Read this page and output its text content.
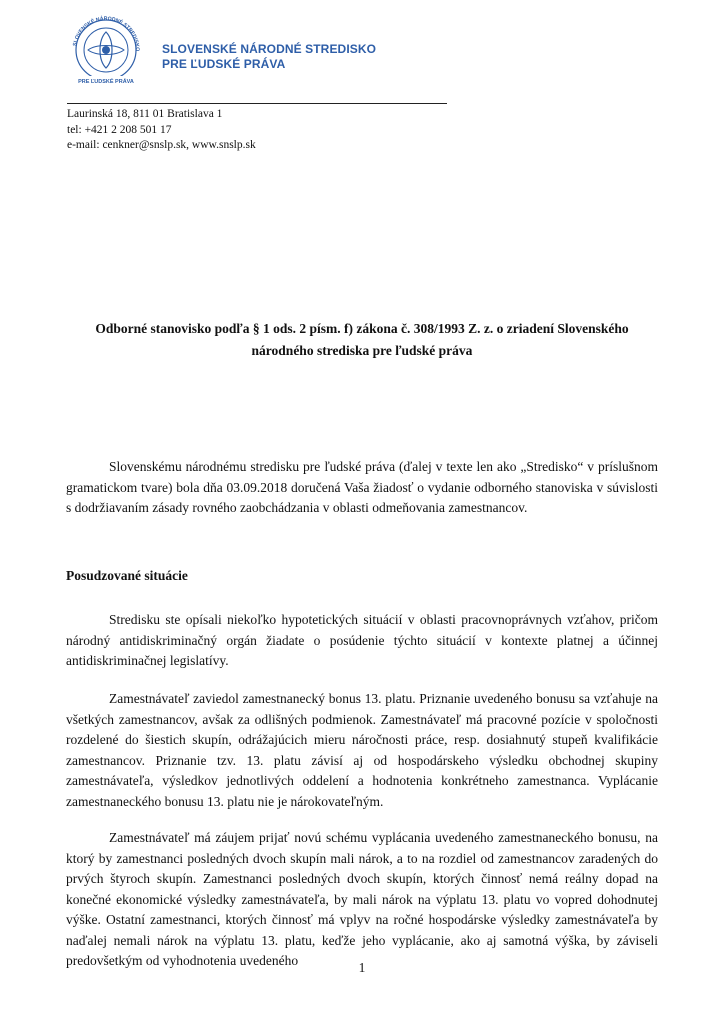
SLOVENSKÉ NÁRODNÉ STREDISKO
PRE ĽUDSKÉ PRÁVA
SLOVENSKÉ NÁRODNÉ STREDISKO
PRE ĽUDSKÉ PRÁVA
Laurinská 18, 811 01 Bratislava 1
tel: +421 2 208 501 17
e-mail: cenkner@snslp.sk, www.snslp.sk
Odborné stanovisko podľa § 1 ods. 2 písm. f) zákona č. 308/1993 Z. z. o zriadení Slovenského národného strediska pre ľudské práva

Slovenskému národnému stredisku pre ľudské práva (ďalej v texte len ako „Stredisko“ v príslušnom gramatickom tvare) bola dňa 03.09.2018 doručená Vaša žiadosť o vydanie odborného stanoviska v súvislosti s dodržiavaním zásady rovného zaobchádzania v oblasti odmeňovania zamestnancov.

Posudzované situácie

Stredisku ste opísali niekoľko hypotetických situácií v oblasti pracovnoprávnych vzťahov, pričom národný antidiskriminačný orgán žiadate o posúdenie týchto situácií v kontexte platnej a účinnej antidiskriminačnej legislatívy.

Zamestnávateľ zaviedol zamestnanecký bonus 13. platu. Priznanie uvedeného bonusu sa vzťahuje na všetkých zamestnancov, avšak za odlišných podmienok. Zamestnávateľ má pracovné pozície v spoločnosti rozdelené do šiestich skupín, odrážajúcich mieru náročnosti práce, resp. dosiahnutý stupeň kvalifikácie zamestnancov. Priznanie tzv. 13. platu závisí aj od hospodárskeho výsledku obchodnej skupiny zamestnávateľa, výsledkov jednotlivých oddelení a hodnotenia konkrétneho zamestnanca. Vyplácanie zamestnaneckého bonusu 13. platu nie je nárokovateľným.

Zamestnávateľ má záujem prijať novú schému vyplácania uvedeného zamestnaneckého bonusu, na ktorý by zamestnanci posledných dvoch skupín mali nárok, a to na rozdiel od zamestnancov zaradených do prvých štyroch skupín. Zamestnanci posledných dvoch skupín, ktorých činnosť nemá reálny dopad na konečné ekonomické výsledky zamestnávateľa, by mali nárok na výplatu 13. platu vo vopred dohodnutej výške. Ostatní zamestnanci, ktorých činnosť má vplyv na ročné hospodárske výsledky zamestnávateľa by naďalej nemali nárok na výplatu 13. platu, keďže jeho vyplácanie, ako aj samotná výška, by záviseli predovšetkým od vyhodnotenia uvedeného	1
